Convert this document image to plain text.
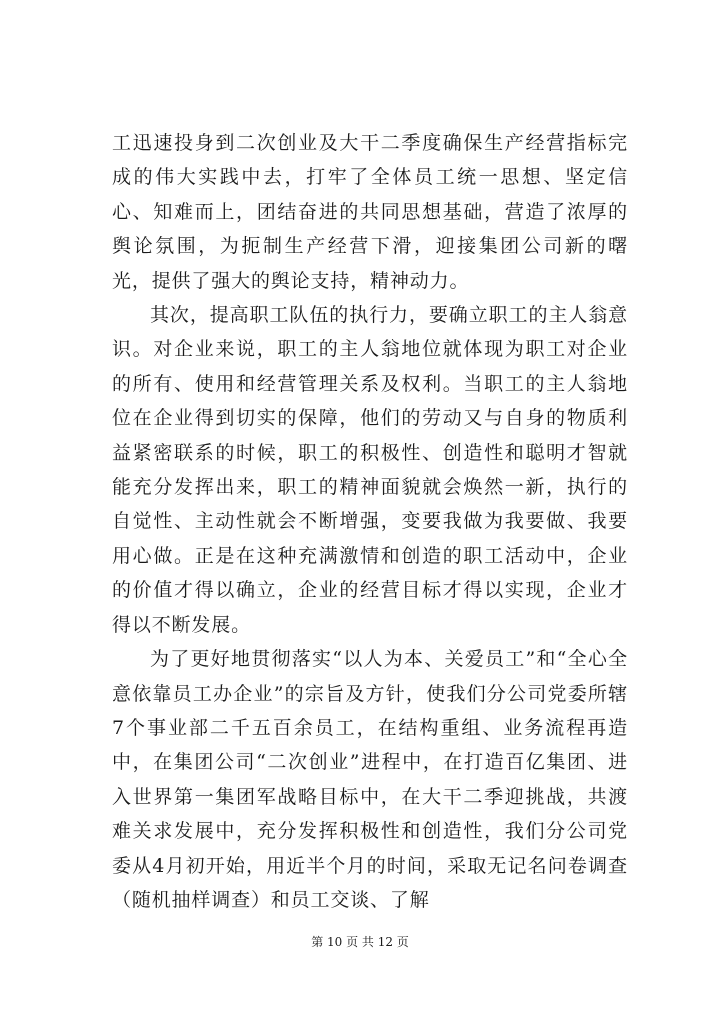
工迅速投身到二次创业及大干二季度确保生产经营指标完成的伟大实践中去，打牢了全体员工统一思想、坚定信心、知难而上，团结奋进的共同思想基础，营造了浓厚的舆论氛围，为扼制生产经营下滑，迎接集团公司新的曙光，提供了强大的舆论支持，精神动力。

其次，提高职工队伍的执行力，要确立职工的主人翁意识。对企业来说，职工的主人翁地位就体现为职工对企业的所有、使用和经营管理关系及权利。当职工的主人翁地位在企业得到切实的保障，他们的劳动又与自身的物质利益紧密联系的时候，职工的积极性、创造性和聪明才智就能充分发挥出来，职工的精神面貌就会焕然一新，执行的自觉性、主动性就会不断增强，变要我做为我要做、我要用心做。正是在这种充满激情和创造的职工活动中，企业的价值才得以确立，企业的经营目标才得以实现，企业才得以不断发展。

为了更好地贯彻落实“以人为本、关爱员工”和“全心全意依靠员工办企业”的宗旨及方针，使我们分公司党委所辖7个事业部二千五百余员工，在结构重组、业务流程再造中，在集团公司“二次创业”进程中，在打造百亿集团、进入世界第一集团军战略目标中，在大干二季迎挑战，共渡难关求发展中，充分发挥积极性和创造性，我们分公司党委从4月初开始，用近半个月的时间，采取无记名问卷调查（随机抽样调查）和员工交谈、了解

第 10 页 共 12 页
